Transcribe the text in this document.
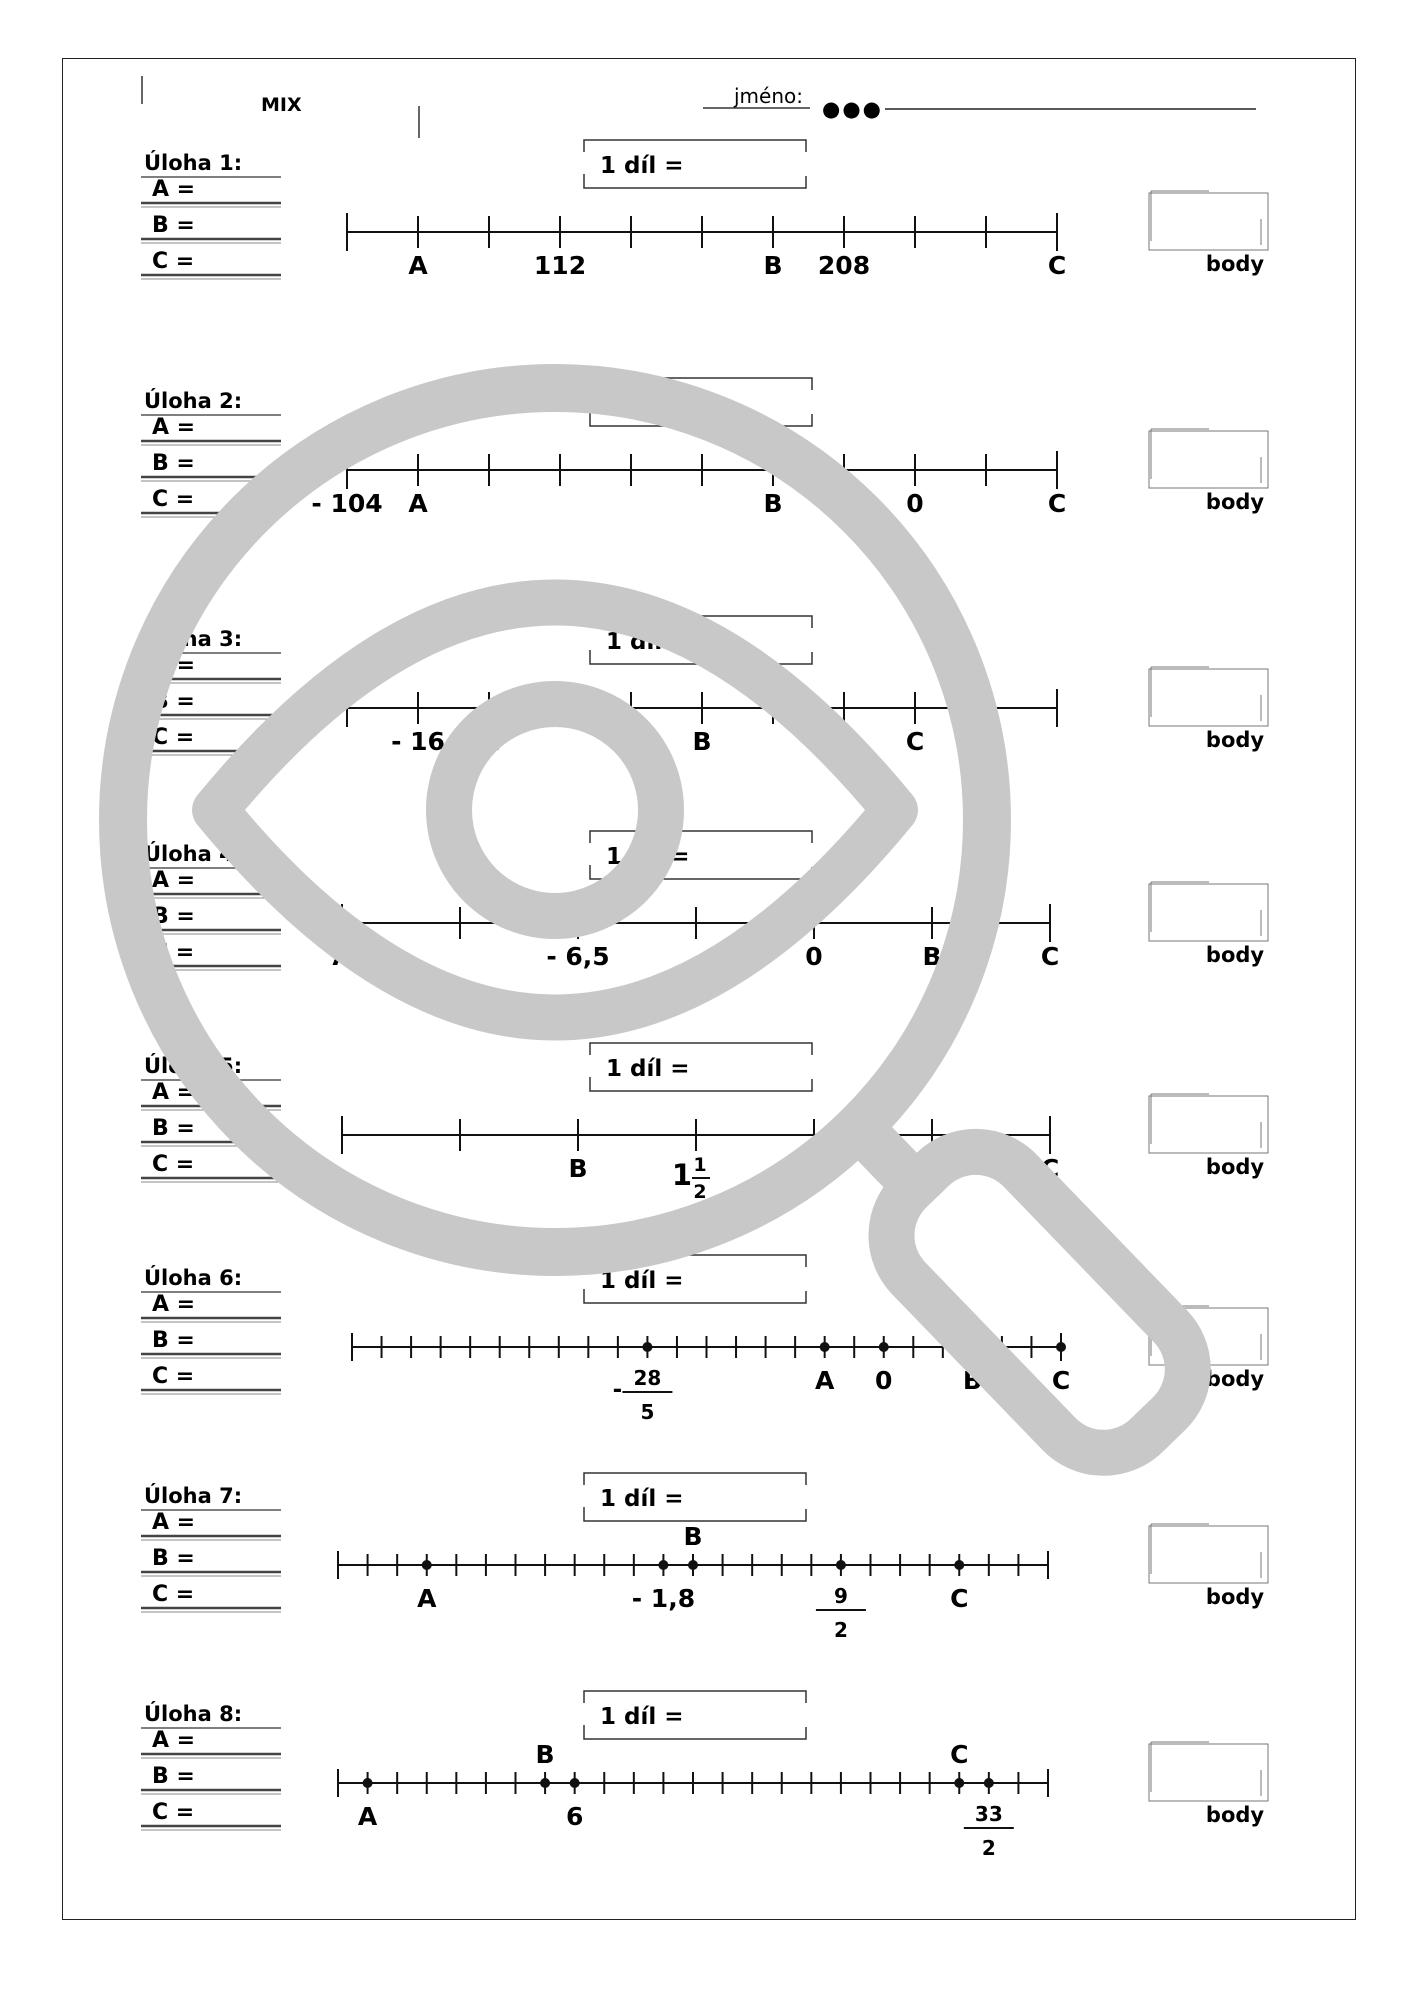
MIX	jméno:
●●●
Úloha 1:
A =
B =
C =
1 díl =
body
A	112	B 208	C
Úloha 2:
A =
B =
C =
1 díl =
body
- 104 A	B	0	C
Úloha 3:
A =
B =
C =
1 díl =
body
- 16 A	B	C
Úloha 4:
A =
B =
C =
1 díl =
body
A	- 6,5	0	B	C
Úloha 5:
A =
B =
C =
1 díl =
body
B	1 1
2
A	C
Úloha 6:
A =
B =
C =
1 díl =
body
- 28
5
A 0	B	C
Úloha 7:
A =
B =
C =
1 díl =
body
A	- 1,8
B
9
2
C
Úloha 8:
A =
B =
C =
1 díl =
body
A
B
6
C
33
2
